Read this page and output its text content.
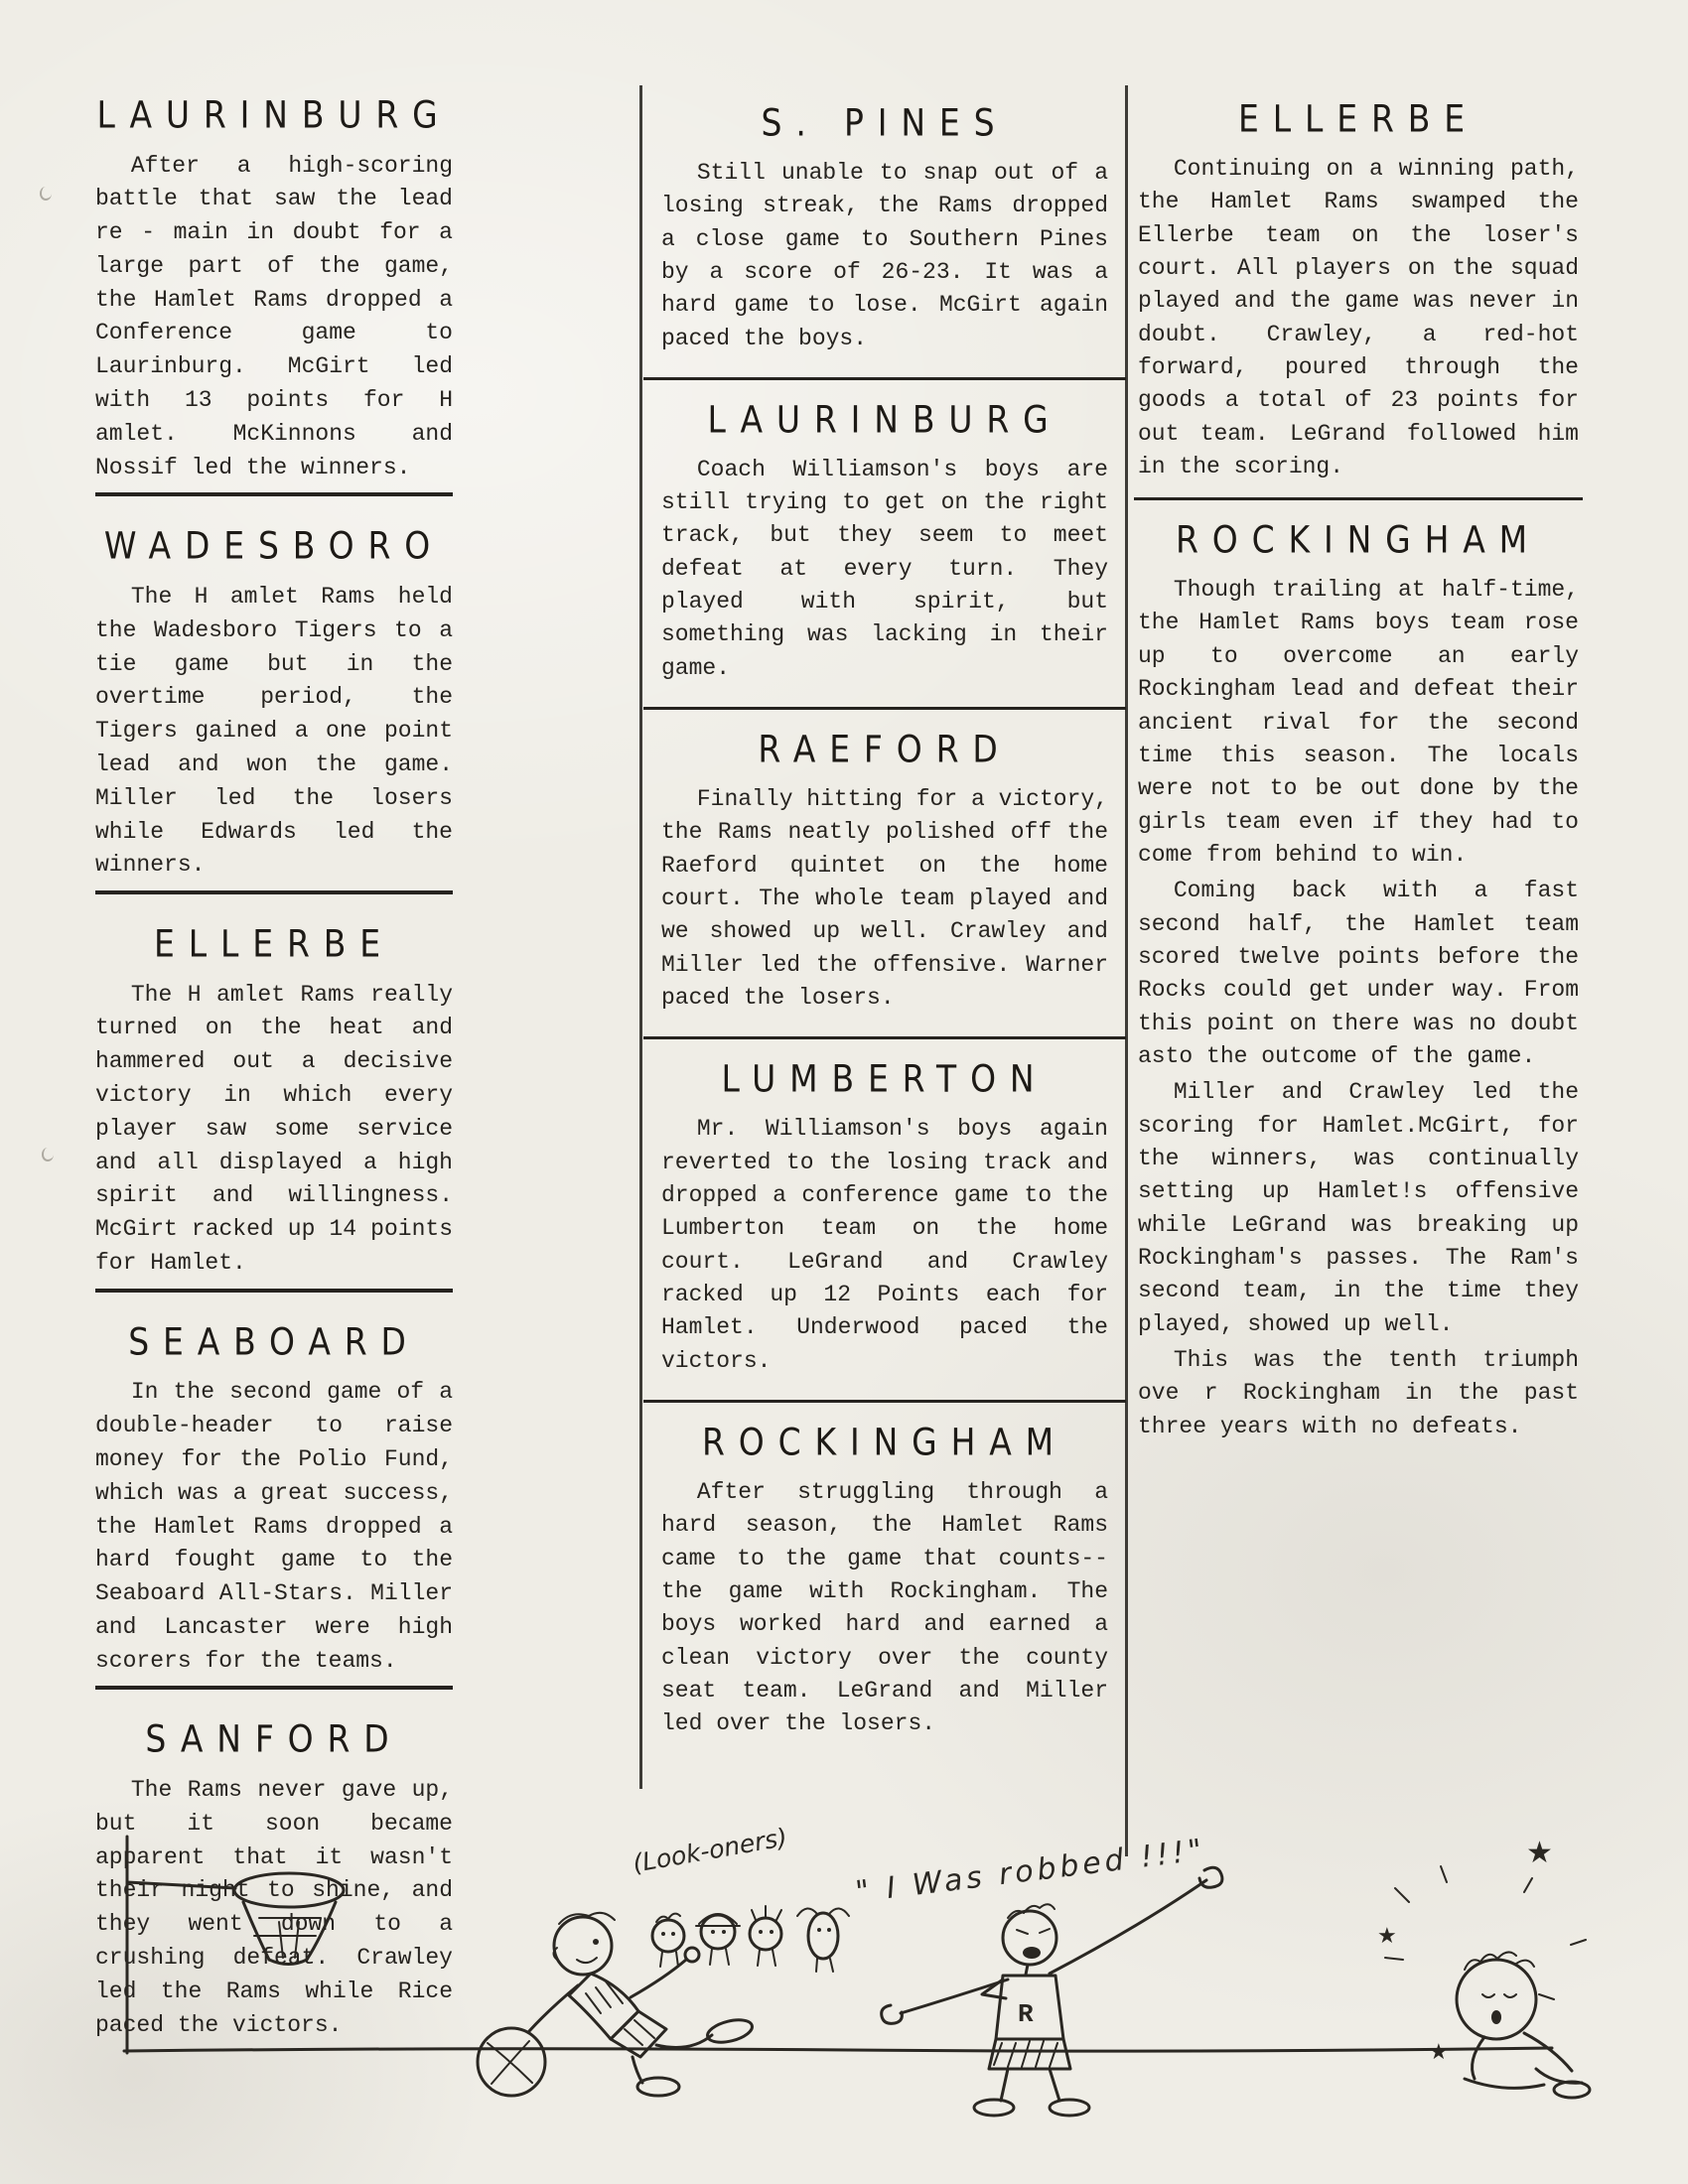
LAURINBURG

After a high-scoring battle that saw the lead re - main in doubt for a large part of the game, the Hamlet Rams dropped a Conference game to Laurinburg. McGirt led with 13 points for H amlet. McKinnons and Nossif led the winners.

WADESBORO

The H amlet Rams held the Wadesboro Tigers to a tie game but in the overtime period, the Tigers gained a one point lead and won the game. Miller led the losers while Edwards led the winners.

ELLERBE

The H amlet Rams really turned on the heat and hammered out a decisive victory in which every player saw some service and all displayed a high spirit and willingness. McGirt racked up 14 points for Hamlet.

SEABOARD

In the second game of a double-header to raise money for the Polio Fund, which was a great success, the Hamlet Rams dropped a hard fought game to the Seaboard All-Stars. Miller and Lancaster were high scorers for the teams.

SANFORD

The Rams never gave up, but it soon became apparent that it wasn't their night to shine, and they went down to a crushing defeat. Crawley led the Rams while Rice paced the victors.

S. PINES

Still unable to snap out of a losing streak, the Rams dropped a close game to Southern Pines by a score of 26-23. It was a hard game to lose. McGirt again paced the boys.

LAURINBURG

Coach Williamson's boys are still trying to get on the right track, but they seem to meet defeat at every turn. They played with spirit, but something was lacking in their game.

RAEFORD

Finally hitting for a victory, the Rams neatly polished off the Raeford quintet on the home court. The whole team played and we showed up well. Crawley and Miller led the offensive. Warner paced the losers.

LUMBERTON

Mr. Williamson's boys again reverted to the losing track and dropped a conference game to the Lumberton team on the home court. LeGrand and Crawley racked up 12 Points each for Hamlet. Underwood paced the victors.

ROCKINGHAM

After struggling through a hard season, the Hamlet Rams came to the game that counts--the game with Rockingham. The boys worked hard and earned a clean victory over the county seat team. LeGrand and Miller led over the losers.

ELLERBE

Continuing on a winning path, the Hamlet Rams swamped the Ellerbe team on the loser's court. All players on the squad played and the game was never in doubt. Crawley, a red-hot forward, poured through the goods a total of 23 points for out team. LeGrand followed him in the scoring.

ROCKINGHAM

Though trailing at half-time, the Hamlet Rams boys team rose up to overcome an early Rockingham lead and defeat their ancient rival for the second time this season. The locals were not to be out done by the girls team even if they had to come from behind to win.

Coming back with a fast second half, the Hamlet team scored twelve points before the Rocks could get under way. From this point on there was no doubt asto the outcome of the game.

Miller and Crawley led the scoring for Hamlet.McGirt, for the winners, was continually setting up Hamlet!s offensive while LeGrand was breaking up Rockingham's passes. The Ram's second team, in the time they played, showed up well.

This was the tenth triumph ove r Rockingham in the past three years with no defeats.

(Look-oners) " I Was robbed !!!"
R
★
★
★
